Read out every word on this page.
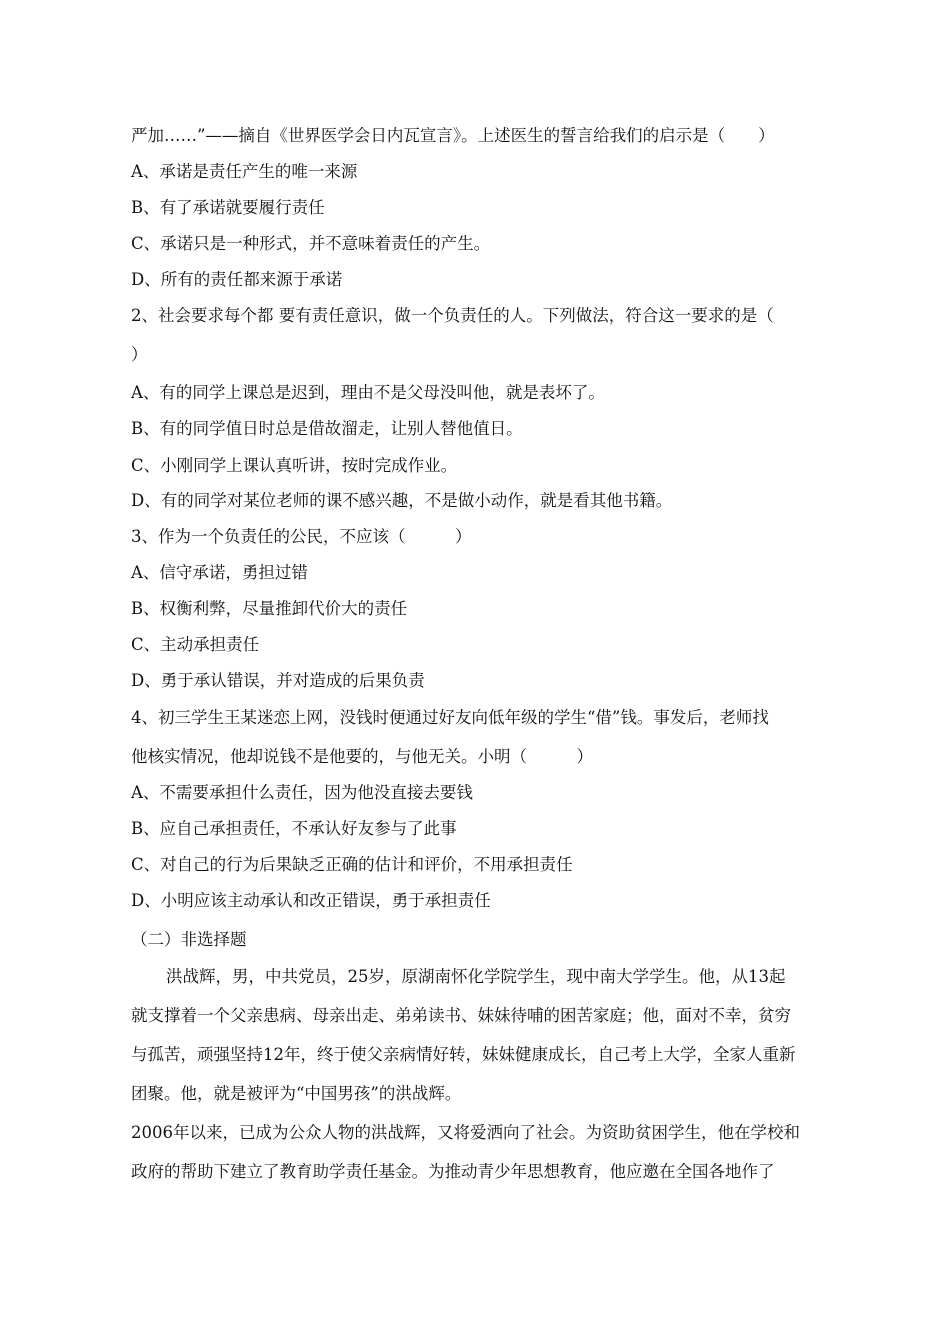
严加……”——摘自《世界医学会日内瓦宣言》。上述医生的誓言给我们的启示是（　　）
A、承诺是责任产生的唯一来源
B、有了承诺就要履行责任
C、承诺只是一种形式，并不意味着责任的产生。
D、所有的责任都来源于承诺
2、社会要求每个都 要有责任意识，做一个负责任的人。下列做法，符合这一要求的是（
）
A、有的同学上课总是迟到，理由不是父母没叫他，就是表坏了。
B、有的同学值日时总是借故溜走，让别人替他值日。
C、小刚同学上课认真听讲，按时完成作业。
D、有的同学对某位老师的课不感兴趣，不是做小动作，就是看其他书籍。
3、作为一个负责任的公民，不应该（　　　）
A、信守承诺，勇担过错
B、权衡利弊，尽量推卸代价大的责任
C、主动承担责任
D、勇于承认错误，并对造成的后果负责
4、初三学生王某迷恋上网，没钱时便通过好友向低年级的学生“借”钱。事发后，老师找
他核实情况，他却说钱不是他要的，与他无关。小明（　　　）
A、不需要承担什么责任，因为他没直接去要钱
B、应自己承担责任，不承认好友参与了此事
C、对自己的行为后果缺乏正确的估计和评价，不用承担责任
D、小明应该主动承认和改正错误，勇于承担责任
（二）非选择题
洪战辉，男，中共党员，25岁，原湖南怀化学院学生，现中南大学学生。他，从13起
就支撑着一个父亲患病、母亲出走、弟弟读书、妹妹待哺的困苦家庭；他，面对不幸，贫穷
与孤苦，顽强坚持12年，终于使父亲病情好转，妹妹健康成长，自己考上大学，全家人重新
团聚。他，就是被评为“中国男孩”的洪战辉。
2006年以来，已成为公众人物的洪战辉，又将爱洒向了社会。为资助贫困学生，他在学校和
政府的帮助下建立了教育助学责任基金。为推动青少年思想教育，他应邀在全国各地作了
